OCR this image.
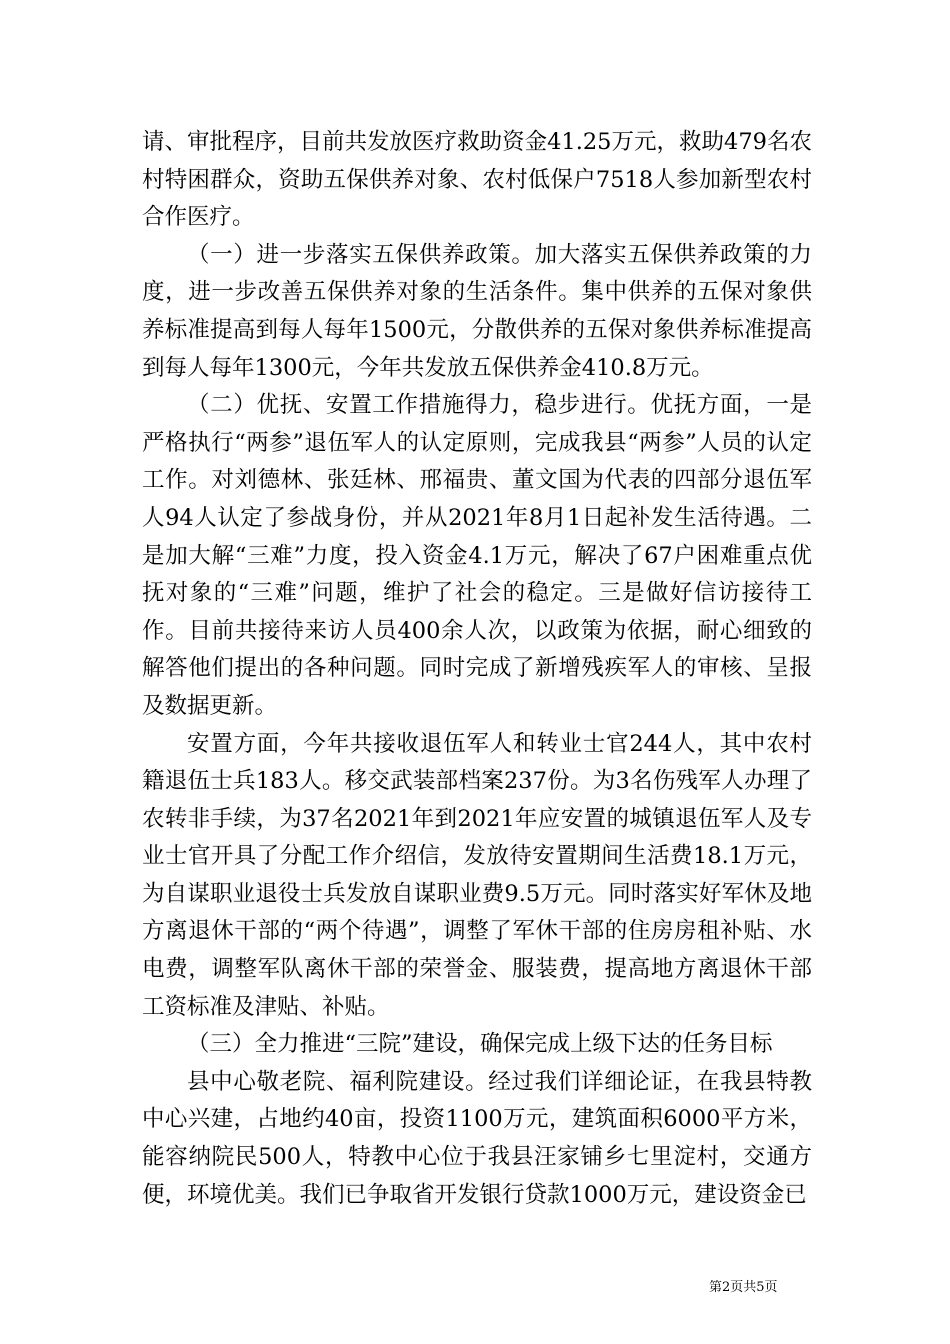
请、审批程序，目前共发放医疗救助资金41.25万元，救助479名农村特困群众，资助五保供养对象、农村低保户7518人参加新型农村合作医疗。

（一）进一步落实五保供养政策。加大落实五保供养政策的力度，进一步改善五保供养对象的生活条件。集中供养的五保对象供养标准提高到每人每年1500元，分散供养的五保对象供养标准提高到每人每年1300元，今年共发放五保供养金410.8万元。

（二）优抚、安置工作措施得力，稳步进行。优抚方面，一是严格执行“两参”退伍军人的认定原则，完成我县“两参”人员的认定工作。对刘德林、张廷林、邢福贵、董文国为代表的四部分退伍军人94人认定了参战身份，并从2021年8月1日起补发生活待遇。二是加大解“三难”力度，投入资金4.1万元，解决了67户困难重点优抚对象的“三难”问题，维护了社会的稳定。三是做好信访接待工作。目前共接待来访人员400余人次，以政策为依据，耐心细致的解答他们提出的各种问题。同时完成了新增残疾军人的审核、呈报及数据更新。

安置方面，今年共接收退伍军人和转业士官244人，其中农村籍退伍士兵183人。移交武装部档案237份。为3名伤残军人办理了农转非手续，为37名2021年到2021年应安置的城镇退伍军人及专业士官开具了分配工作介绍信，发放待安置期间生活费18.1万元，为自谋职业退役士兵发放自谋职业费9.5万元。同时落实好军休及地方离退休干部的“两个待遇”，调整了军休干部的住房房租补贴、水电费，调整军队离休干部的荣誉金、服装费，提高地方离退休干部工资标准及津贴、补贴。

（三）全力推进“三院”建设，确保完成上级下达的任务目标

县中心敬老院、福利院建设。经过我们详细论证，在我县特教中心兴建，占地约40亩，投资1100万元，建筑面积6000平方米，能容纳院民500人，特教中心位于我县汪家铺乡七里淀村，交通方便，环境优美。我们已争取省开发银行贷款1000万元，建设资金已

第2页共5页
